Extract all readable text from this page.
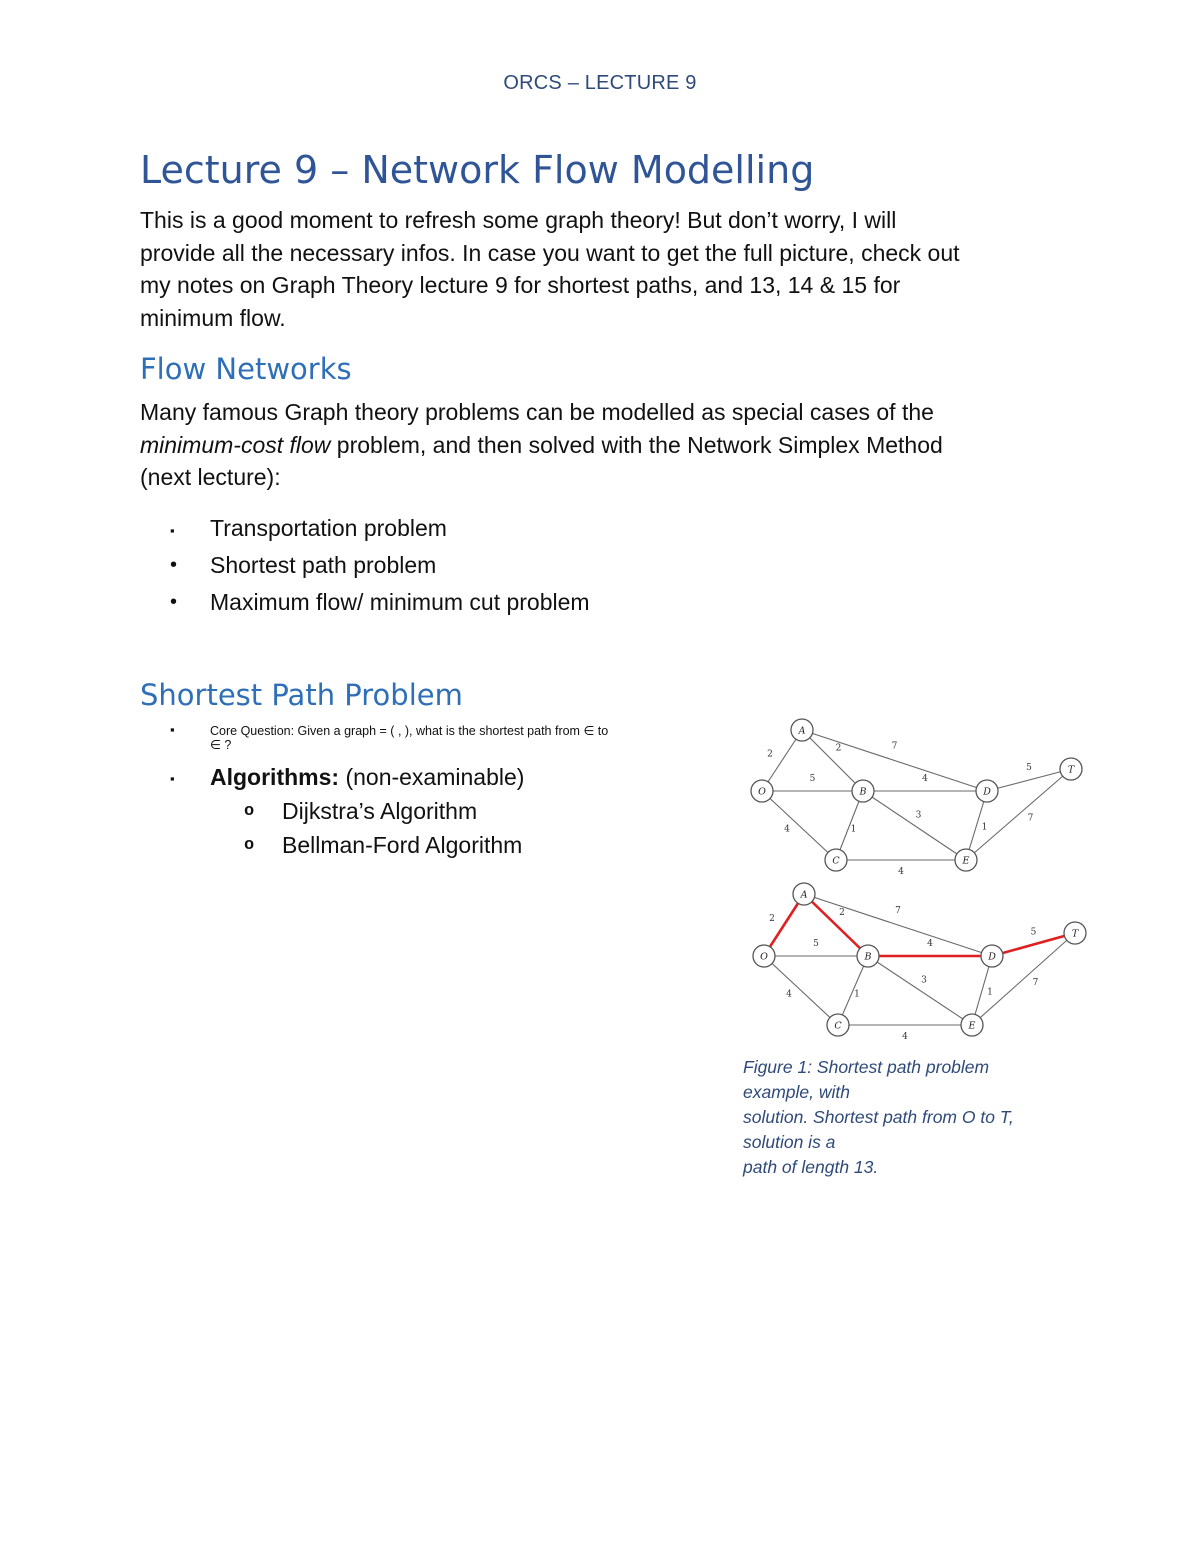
ORCS – LECTURE 9
Lecture 9 – Network Flow Modelling
This is a good moment to refresh some graph theory! But don’t worry, I will
provide all the necessary infos. In case you want to get the full picture, check out
my notes on Graph Theory lecture 9 for shortest paths, and 13, 14 & 15 for
minimum flow.
Flow Networks
Many famous Graph theory problems can be modelled as special cases of the
minimum-cost flow problem, and then solved with the Network Simplex Method
(next lecture):
▪ Transportation problem
• Shortest path problem
• Maximum flow/ minimum cut problem
Shortest Path Problem
▪	Core Question: Given a graph = ( , ), what is the shortest path from ∈ to
∈ ?
▪ Algorithms: (non-examinable)
o Dijkstra’s Algorithm
o Bellman-Ford Algorithm
2
2	7
5	4
5
4	1
3
4
1
7
A
O	B
C
D
E
T
2
2	7
5	4
5
4	1
3
4
1
7
A
O	B
C
D
E
T
Figure 1: Shortest path problem
example, with
solution. Shortest path from O to T,
solution is a
path of length 13.
